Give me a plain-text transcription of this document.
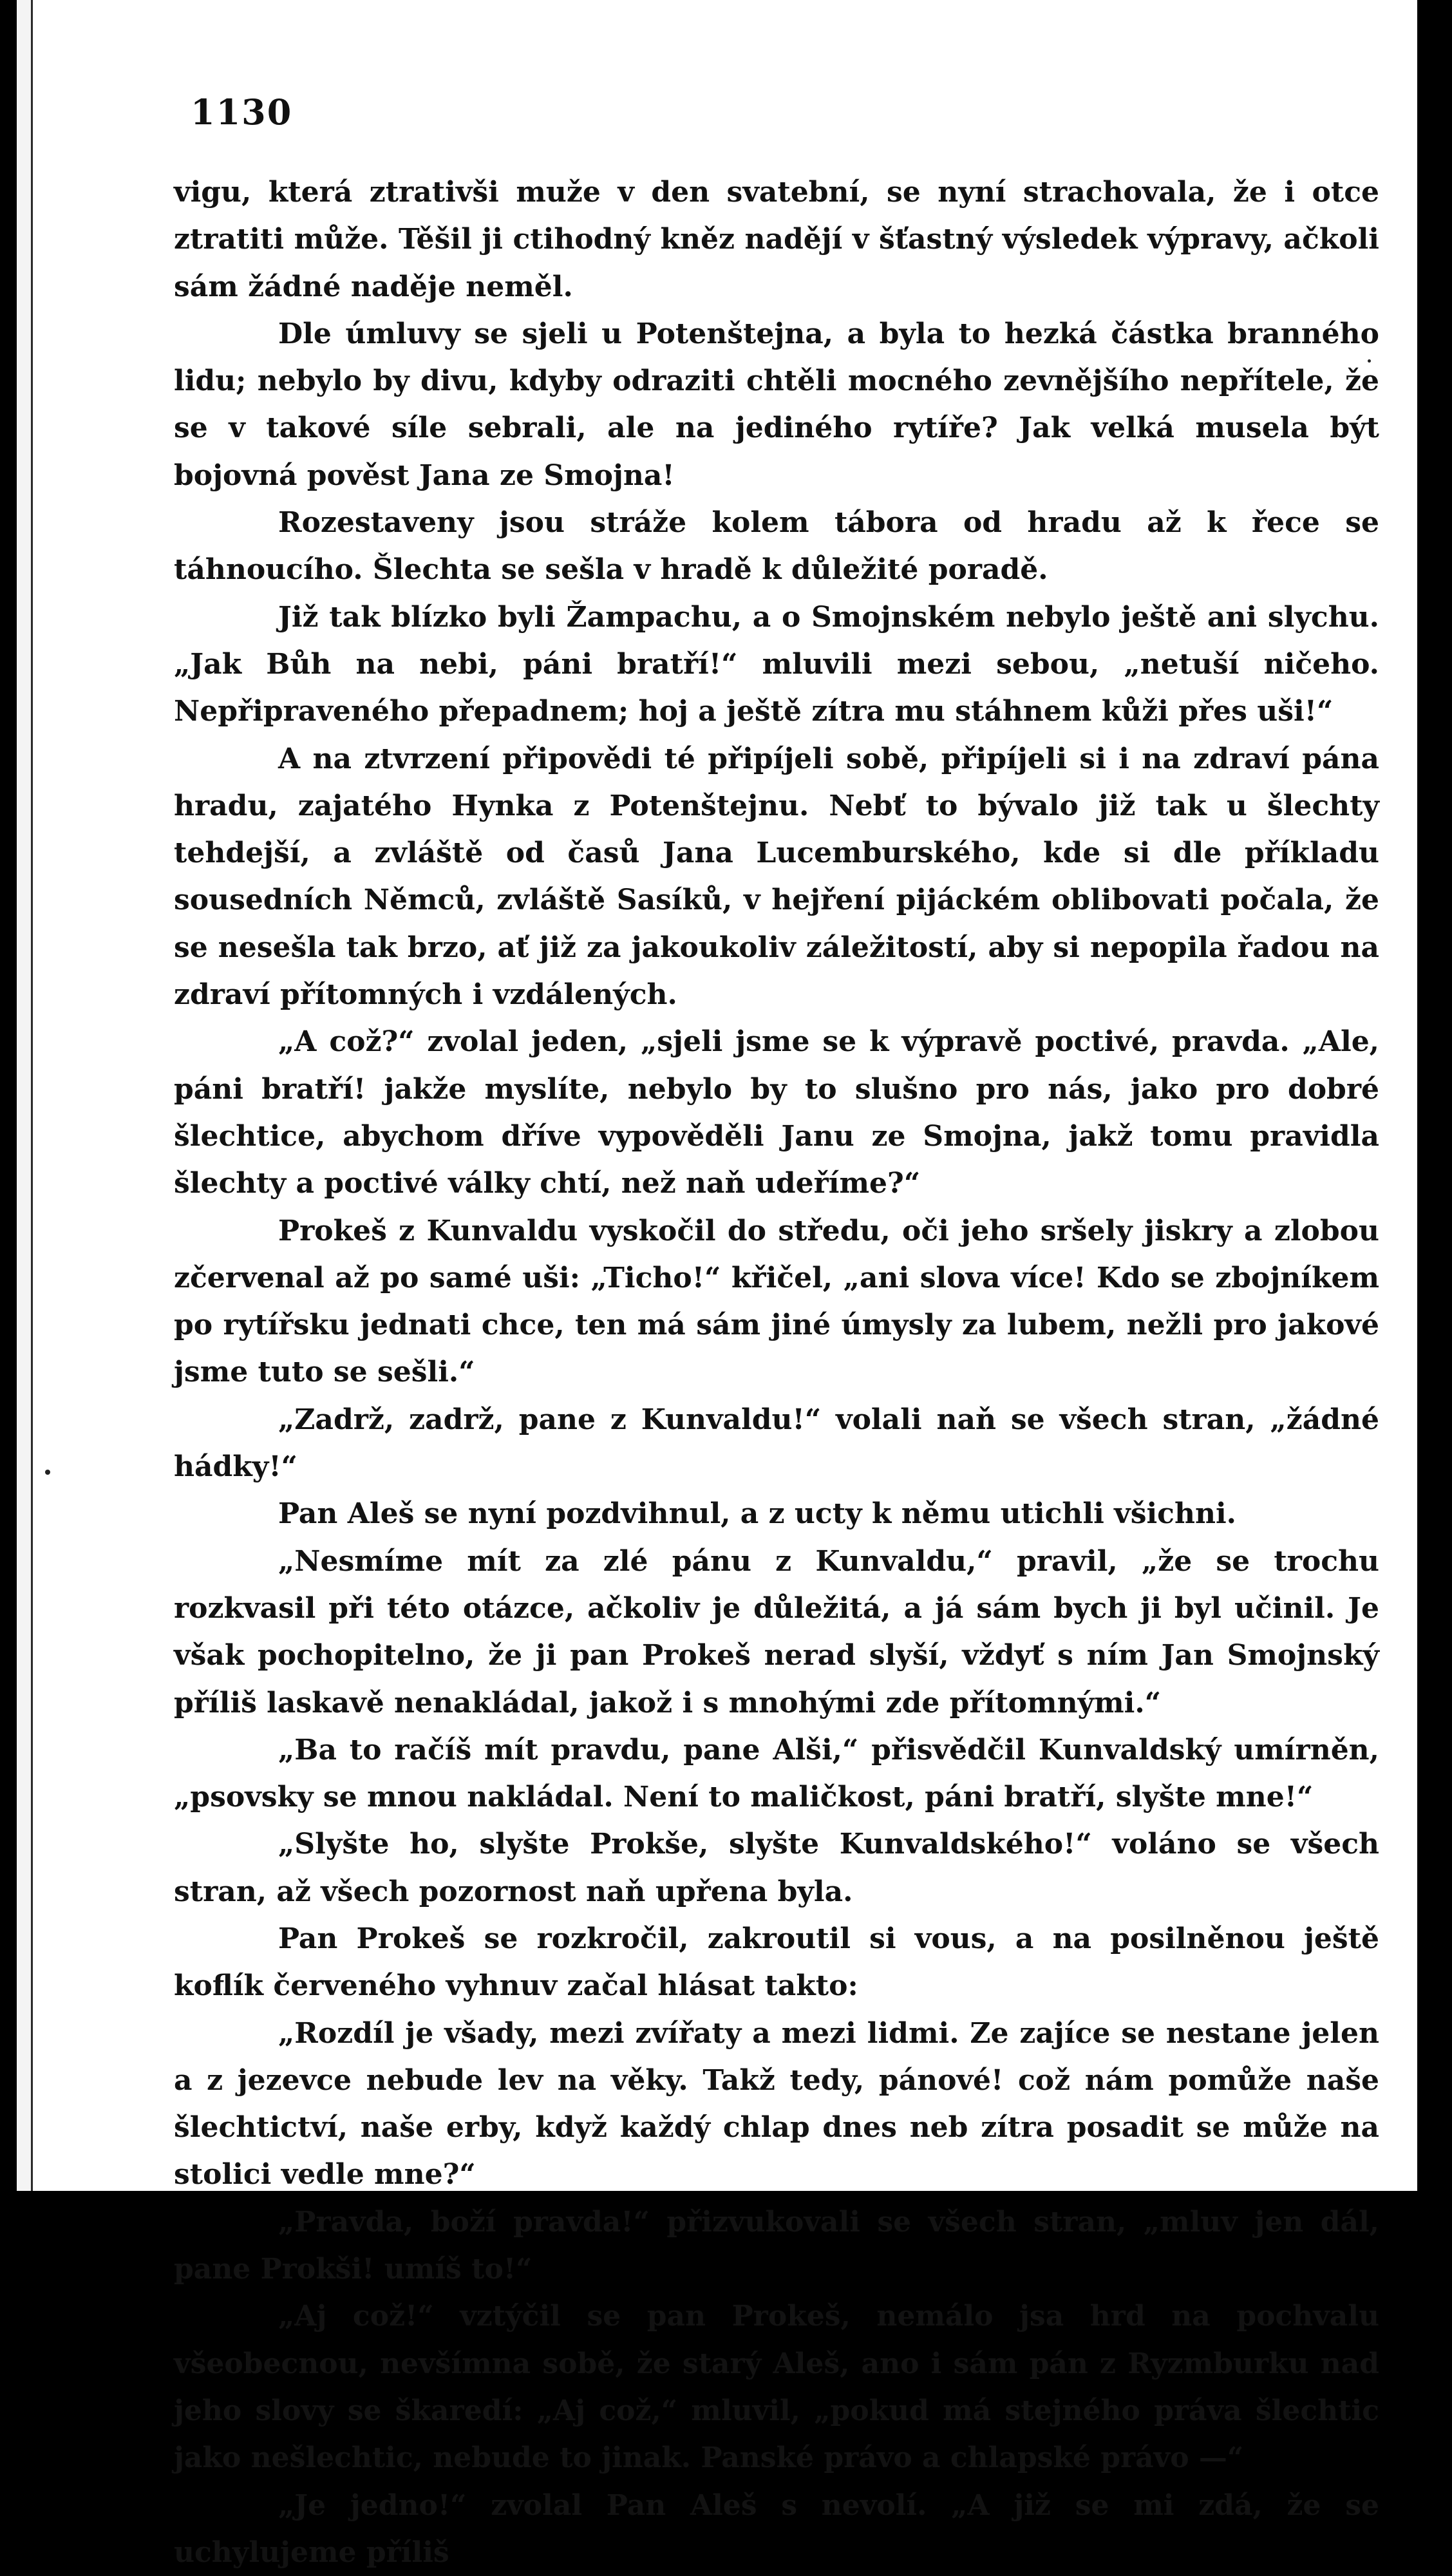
1130

vigu, která ztrativši muže v den svatební, se nyní strachovala, že i otce ztratiti může. Těšil ji ctihodný kněz nadějí v šťastný výsledek výpravy, ačkoli sám žádné naděje neměl.

Dle úmluvy se sjeli u Potenštejna, a byla to hezká částka branného lidu; nebylo by divu, kdyby odraziti chtěli mocného zevnějšího nepřítele, že se v takové síle sebrali, ale na jediného rytíře? Jak velká musela být bojovná pověst Jana ze Smojna!

Rozestaveny jsou stráže kolem tábora od hradu až k řece se táhnoucího. Šlechta se sešla v hradě k důležité poradě.

Již tak blízko byli Žampachu, a o Smojnském nebylo ještě ani slychu. „Jak Bůh na nebi, páni bratří!“ mluvili mezi sebou, „netuší ničeho. Nepřipraveného přepadnem; hoj a ještě zítra mu stáhnem kůži přes uši!“

A na ztvrzení připovědi té připíjeli sobě, připíjeli si i na zdraví pána hradu, zajatého Hynka z Potenštejnu. Nebť to bývalo již tak u šlechty tehdejší, a zvláště od časů Jana Lucemburského, kde si dle příkladu sousedních Němců, zvláště Sasíků, v hejření pijáckém oblibovati počala, že se nesešla tak brzo, ať již za jakoukoliv záležitostí, aby si nepopila řadou na zdraví přítomných i vzdálených.

„A což?“ zvolal jeden, „sjeli jsme se k výpravě poctivé, pravda. „Ale, páni bratří! jakže myslíte, nebylo by to slušno pro nás, jako pro dobré šlechtice, abychom dříve vypověděli Janu ze Smojna, jakž tomu pravidla šlechty a poctivé války chtí, než naň udeříme?“

Prokeš z Kunvaldu vyskočil do středu, oči jeho sršely jiskry a zlobou zčervenal až po samé uši: „Ticho!“ křičel, „ani slova více! Kdo se zbojníkem po rytířsku jednati chce, ten má sám jiné úmysly za lubem, nežli pro jakové jsme tuto se sešli.“

„Zadrž, zadrž, pane z Kunvaldu!“ volali naň se všech stran, „žádné hádky!“

Pan Aleš se nyní pozdvihnul, a z ucty k němu utichli všichni.

„Nesmíme mít za zlé pánu z Kunvaldu,“ pravil, „že se trochu rozkvasil při této otázce, ačkoliv je důležitá, a já sám bych ji byl učinil. Je však pochopitelno, že ji pan Prokeš nerad slyší, vždyť s ním Jan Smojnský příliš laskavě nenakládal, jakož i s mnohými zde přítomnými.“

„Ba to račíš mít pravdu, pane Alši,“ přisvědčil Kunvaldský umírněn, „psovsky se mnou nakládal. Není to maličkost, páni bratří, slyšte mne!“

„Slyšte ho, slyšte Prokše, slyšte Kunvaldského!“ voláno se všech stran, až všech pozornost naň upřena byla.

Pan Prokeš se rozkročil, zakroutil si vous, a na posilněnou ještě koflík červeného vyhnuv začal hlásat takto:

„Rozdíl je všady, mezi zvířaty a mezi lidmi. Ze zajíce se nestane jelen a z jezevce nebude lev na věky. Takž tedy, pánové! což nám pomůže naše šlechtictví, naše erby, když každý chlap dnes neb zítra posadit se může na stolici vedle mne?“

„Pravda, boží pravda!“ přizvukovali se všech stran, „mluv jen dál, pane Prokši! umíš to!“

„Aj což!“ vztýčil se pan Prokeš, nemálo jsa hrd na pochvalu všeobecnou, nevšímna sobě, že starý Aleš, ano i sám pán z Ryzmburku nad jeho slovy se škaredí: „Aj což,“ mluvil, „pokud má stejného práva šlechtic jako nešlechtic, nebude to jinak. Panské právo a chlapské právo —“

„Je jedno!“ zvolal Pan Aleš s nevolí. „A již se mi zdá, že se uchylujeme příliš
